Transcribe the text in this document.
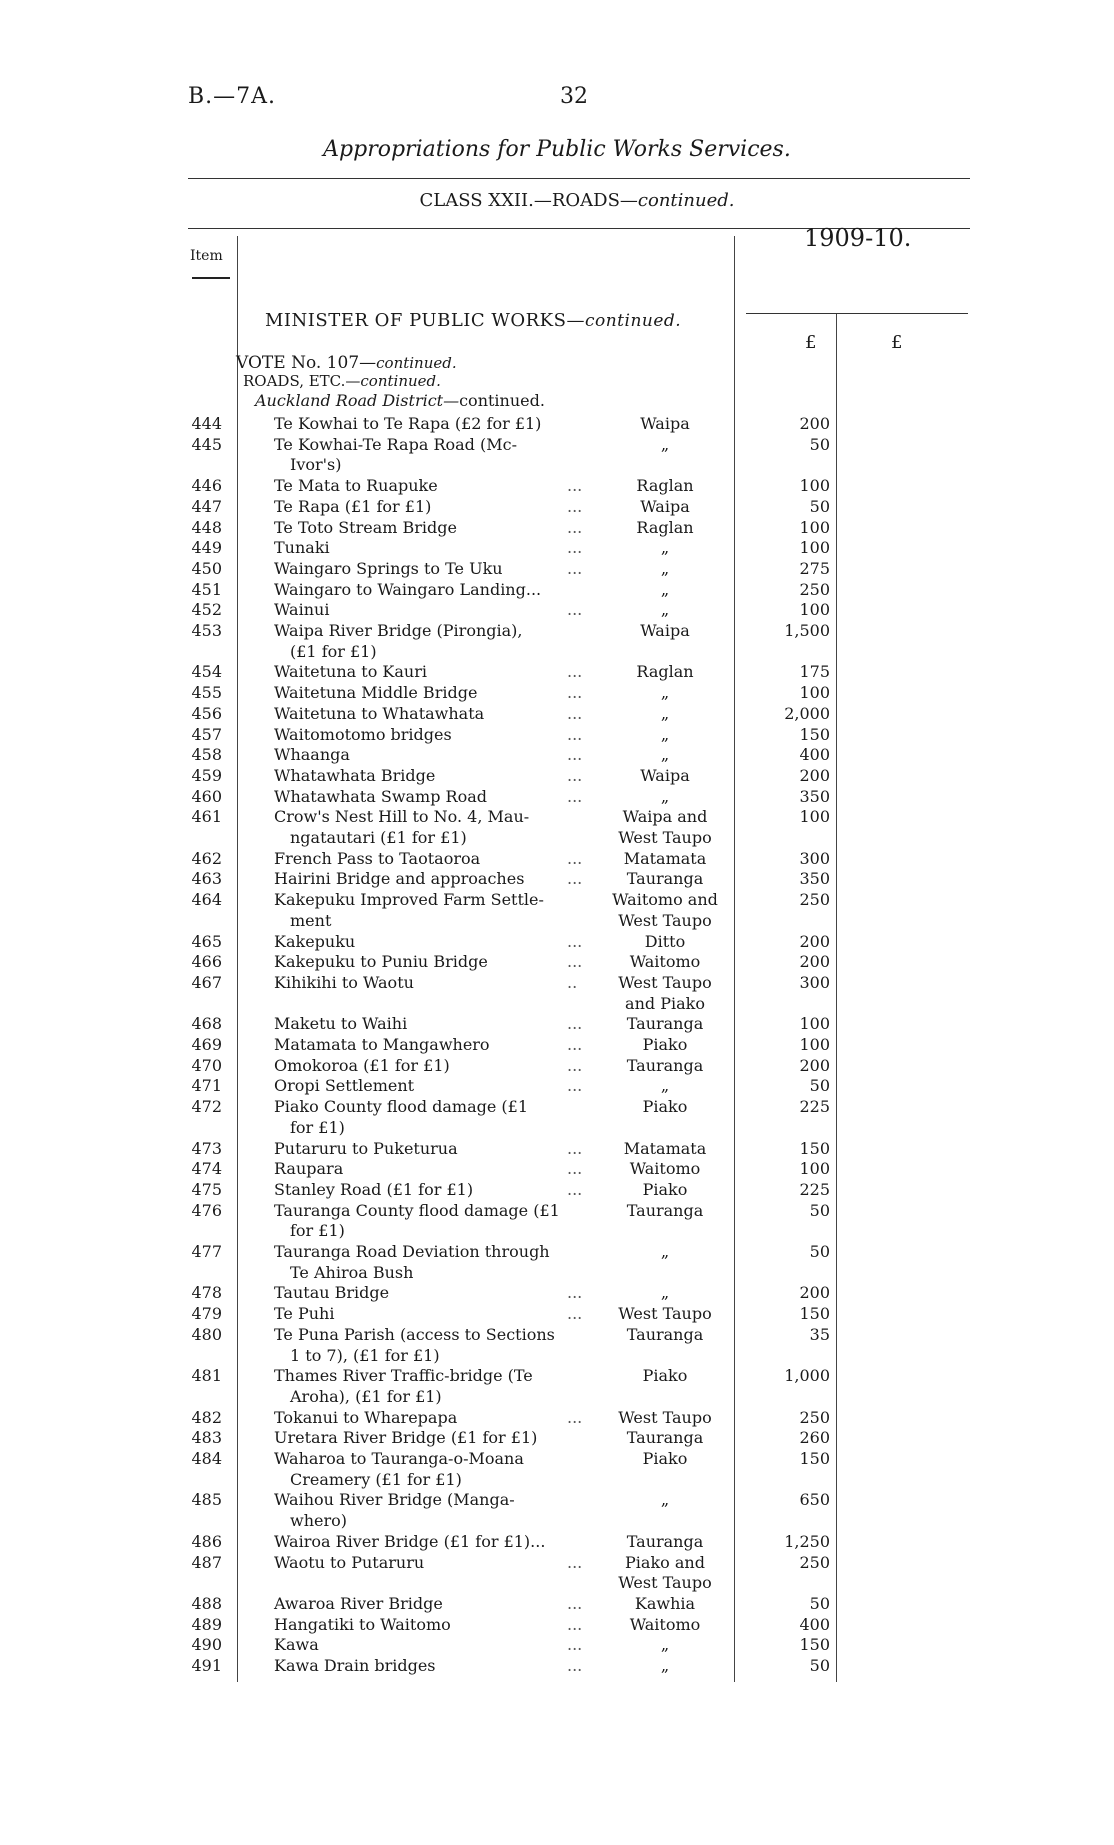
B.—7A.	32
Appropriations for Public Works Services.
CLASS XXII.—ROADS—continued.
Item
1909-10.
£	£
MINISTER OF PUBLIC WORKS—continued.
VOTE No. 107—continued.
ROADS, ETC.—continued.
Auckland Road District—continued.
444	Te Kowhai to Te Rapa (£2 for £1)	Waipa	200
445	Te Kowhai-Te Rapa Road (Mc-	„	50
Ivor's)
446	Te Mata to Ruapuke	...	Raglan	100
447	Te Rapa (£1 for £1)	...	Waipa	50
448	Te Toto Stream Bridge	...	Raglan	100
449	Tunaki	...	„	100
450	Waingaro Springs to Te Uku	...	„	275
451	Waingaro to Waingaro Landing...	„	250
452	Wainui	...	„	100
453	Waipa River Bridge (Pirongia),	Waipa	1,500
(£1 for £1)
454	Waitetuna to Kauri	...	Raglan	175
455	Waitetuna Middle Bridge	...	„	100
456	Waitetuna to Whatawhata	...	„	2,000
457	Waitomotomo bridges	...	„	150
458	Whaanga	...	„	400
459	Whatawhata Bridge	...	Waipa	200
460	Whatawhata Swamp Road	...	„	350
461	Crow's Nest Hill to No. 4, Mau-	Waipa and	100
ngatautari (£1 for £1)	West Taupo
462	French Pass to Taotaoroa	...	Matamata	300
463	Hairini Bridge and approaches	...	Tauranga	350
464	Kakepuku Improved Farm Settle-	Waitomo and	250
ment	West Taupo
465	Kakepuku	...	Ditto	200
466	Kakepuku to Puniu Bridge	...	Waitomo	200
467	Kihikihi to Waotu	..	West Taupo	300
and Piako
468	Maketu to Waihi	...	Tauranga	100
469	Matamata to Mangawhero	...	Piako	100
470	Omokoroa (£1 for £1)	...	Tauranga	200
471	Oropi Settlement	...	„	50
472	Piako County flood damage (£1	Piako	225
for £1)
473	Putaruru to Puketurua	...	Matamata	150
474	Raupara	...	Waitomo	100
475	Stanley Road (£1 for £1)	...	Piako	225
476	Tauranga County flood damage (£1	Tauranga	50
for £1)
477	Tauranga Road Deviation through	„	50
Te Ahiroa Bush
478	Tautau Bridge	...	„	200
479	Te Puhi	...	West Taupo	150
480	Te Puna Parish (access to Sections	Tauranga	35
1 to 7), (£1 for £1)
481	Thames River Traffic-bridge (Te	Piako	1,000
Aroha), (£1 for £1)
482	Tokanui to Wharepapa	...	West Taupo	250
483	Uretara River Bridge (£1 for £1)	Tauranga	260
484	Waharoa to Tauranga-o-Moana	Piako	150
Creamery (£1 for £1)
485	Waihou River Bridge (Manga-	„	650
whero)
486	Wairoa River Bridge (£1 for £1)...	Tauranga	1,250
487	Waotu to Putaruru	...	Piako and	250
West Taupo
488	Awaroa River Bridge	...	Kawhia	50
489	Hangatiki to Waitomo	...	Waitomo	400
490	Kawa	...	„	150
491	Kawa Drain bridges	...	„	50
